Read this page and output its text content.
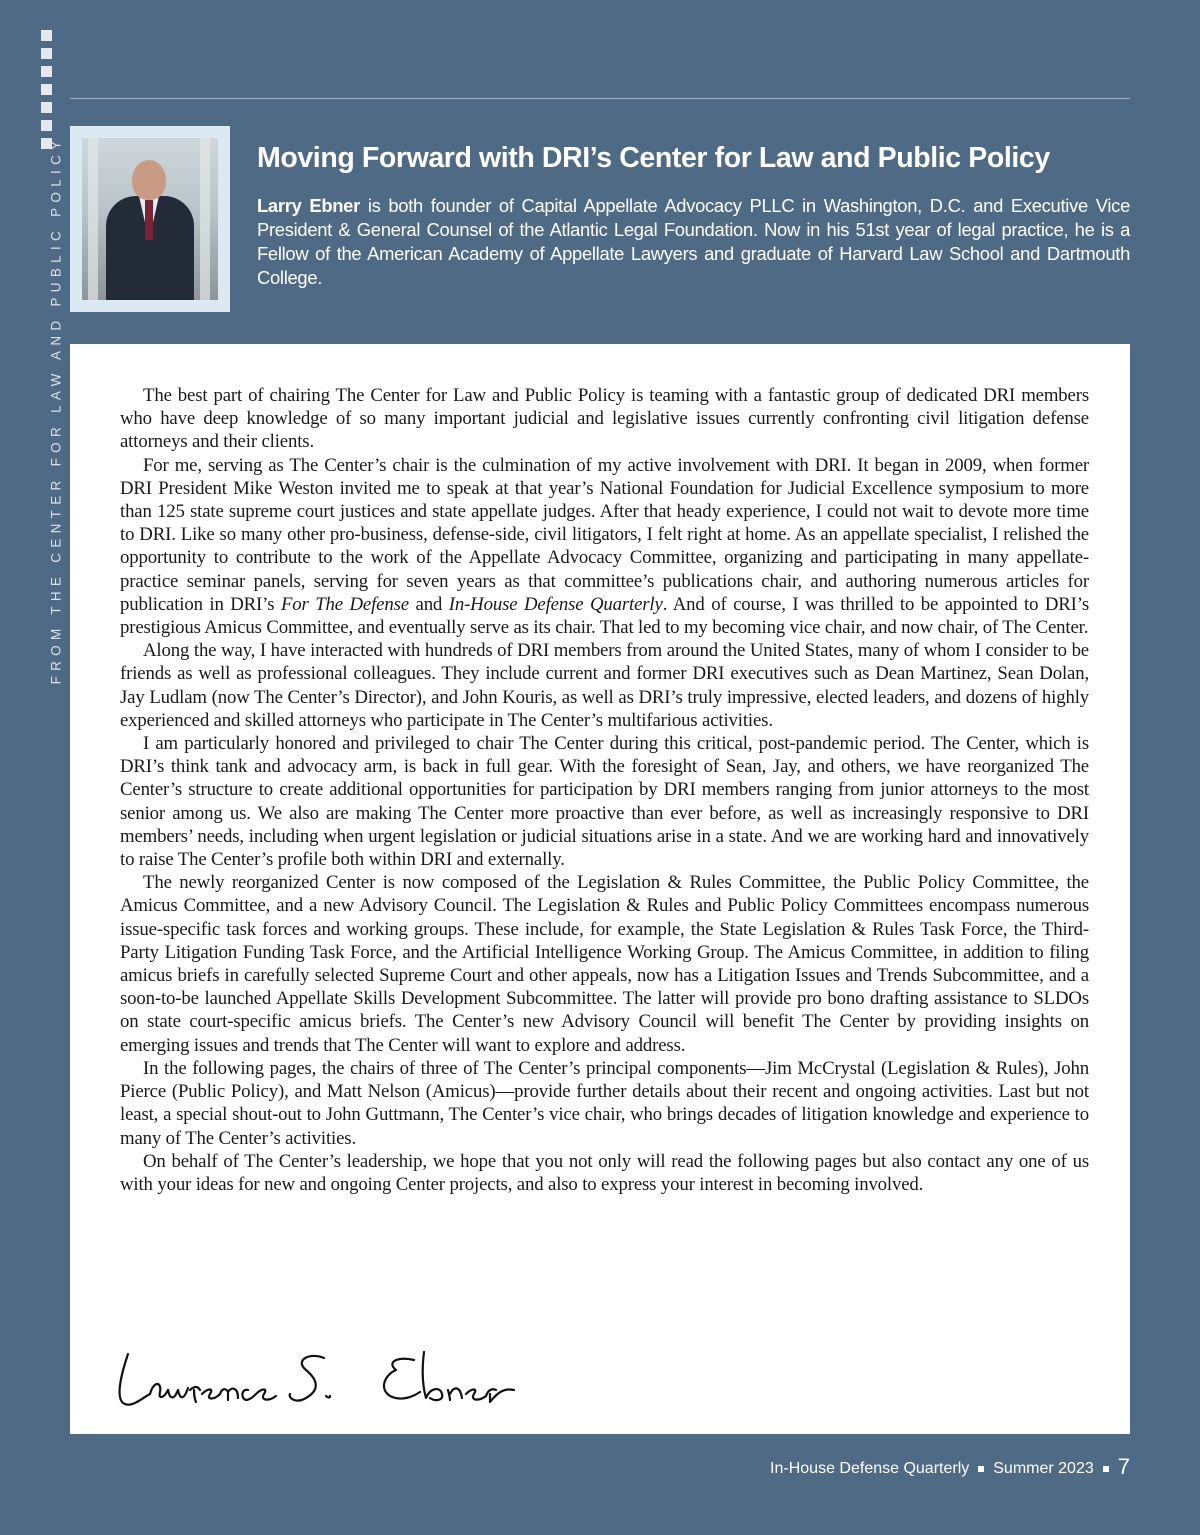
FROM THE CENTER FOR LAW AND PUBLIC POLICY	Moving Forward with DRI’s Center for Law and Public Policy

Larry Ebner is both founder of Capital Appellate Advocacy PLLC in Washington, D.C. and Executive Vice President & General Counsel of the Atlantic Legal Foundation. Now in his 51st year of legal practice, he is a Fellow of the American Academy of Appellate Lawyers and graduate of Harvard Law School and Dartmouth College.

The best part of chairing The Center for Law and Public Policy is teaming with a fantastic group of dedicated DRI members who have deep knowledge of so many important judicial and legislative issues currently confronting civil litigation defense attorneys and their clients.

For me, serving as The Center’s chair is the culmination of my active involvement with DRI. It began in 2009, when former DRI President Mike Weston invited me to speak at that year’s National Foundation for Judicial Excellence symposium to more than 125 state supreme court justices and state appellate judges. After that heady experience, I could not wait to devote more time to DRI. Like so many other pro-business, defense-side, civil litigators, I felt right at home. As an appellate specialist, I relished the opportunity to contribute to the work of the Appellate Advocacy Committee, organizing and participating in many appellate-practice seminar panels, serving for seven years as that committee’s publications chair, and authoring numerous articles for publication in DRI’s For The Defense and In-House Defense Quarterly. And of course, I was thrilled to be appointed to DRI’s prestigious Amicus Committee, and eventually serve as its chair. That led to my becoming vice chair, and now chair, of The Center.

Along the way, I have interacted with hundreds of DRI members from around the United States, many of whom I consider to be friends as well as professional colleagues. They include current and former DRI executives such as Dean Martinez, Sean Dolan, Jay Ludlam (now The Center’s Director), and John Kouris, as well as DRI’s truly impressive, elected leaders, and dozens of highly experienced and skilled attorneys who participate in The Center’s multifarious activities.

I am particularly honored and privileged to chair The Center during this critical, post-pandemic period. The Center, which is DRI’s think tank and advocacy arm, is back in full gear. With the foresight of Sean, Jay, and others, we have reorganized The Center’s structure to create additional opportunities for participation by DRI members ranging from junior attorneys to the most senior among us. We also are making The Center more proactive than ever before, as well as increasingly responsive to DRI members’ needs, including when urgent legislation or judicial situations arise in a state. And we are working hard and innovatively to raise The Center’s profile both within DRI and externally.

The newly reorganized Center is now composed of the Legislation & Rules Committee, the Public Policy Committee, the Amicus Committee, and a new Advisory Council. The Legislation & Rules and Public Policy Committees encompass numerous issue-specific task forces and working groups. These include, for example, the State Legislation & Rules Task Force, the Third-Party Litigation Funding Task Force, and the Artificial Intelligence Working Group. The Amicus Committee, in addition to filing amicus briefs in carefully selected Supreme Court and other appeals, now has a Litigation Issues and Trends Subcommittee, and a soon-to-be launched Appellate Skills Development Subcommittee. The latter will provide pro bono drafting assistance to SLDOs on state court-specific amicus briefs. The Center’s new Advisory Council will benefit The Center by providing insights on emerging issues and trends that The Center will want to explore and address.

In the following pages, the chairs of three of The Center’s principal components—Jim McCrystal (Legislation & Rules), John Pierce (Public Policy), and Matt Nelson (Amicus)—provide further details about their recent and ongoing activities. Last but not least, a special shout-out to John Guttmann, The Center’s vice chair, who brings decades of litigation knowledge and experience to many of The Center’s activities.

On behalf of The Center’s leadership, we hope that you not only will read the following pages but also contact any one of us with your ideas for new and ongoing Center projects, and also to express your interest in becoming involved.

In-House Defense Quarterly Summer 2023 7
